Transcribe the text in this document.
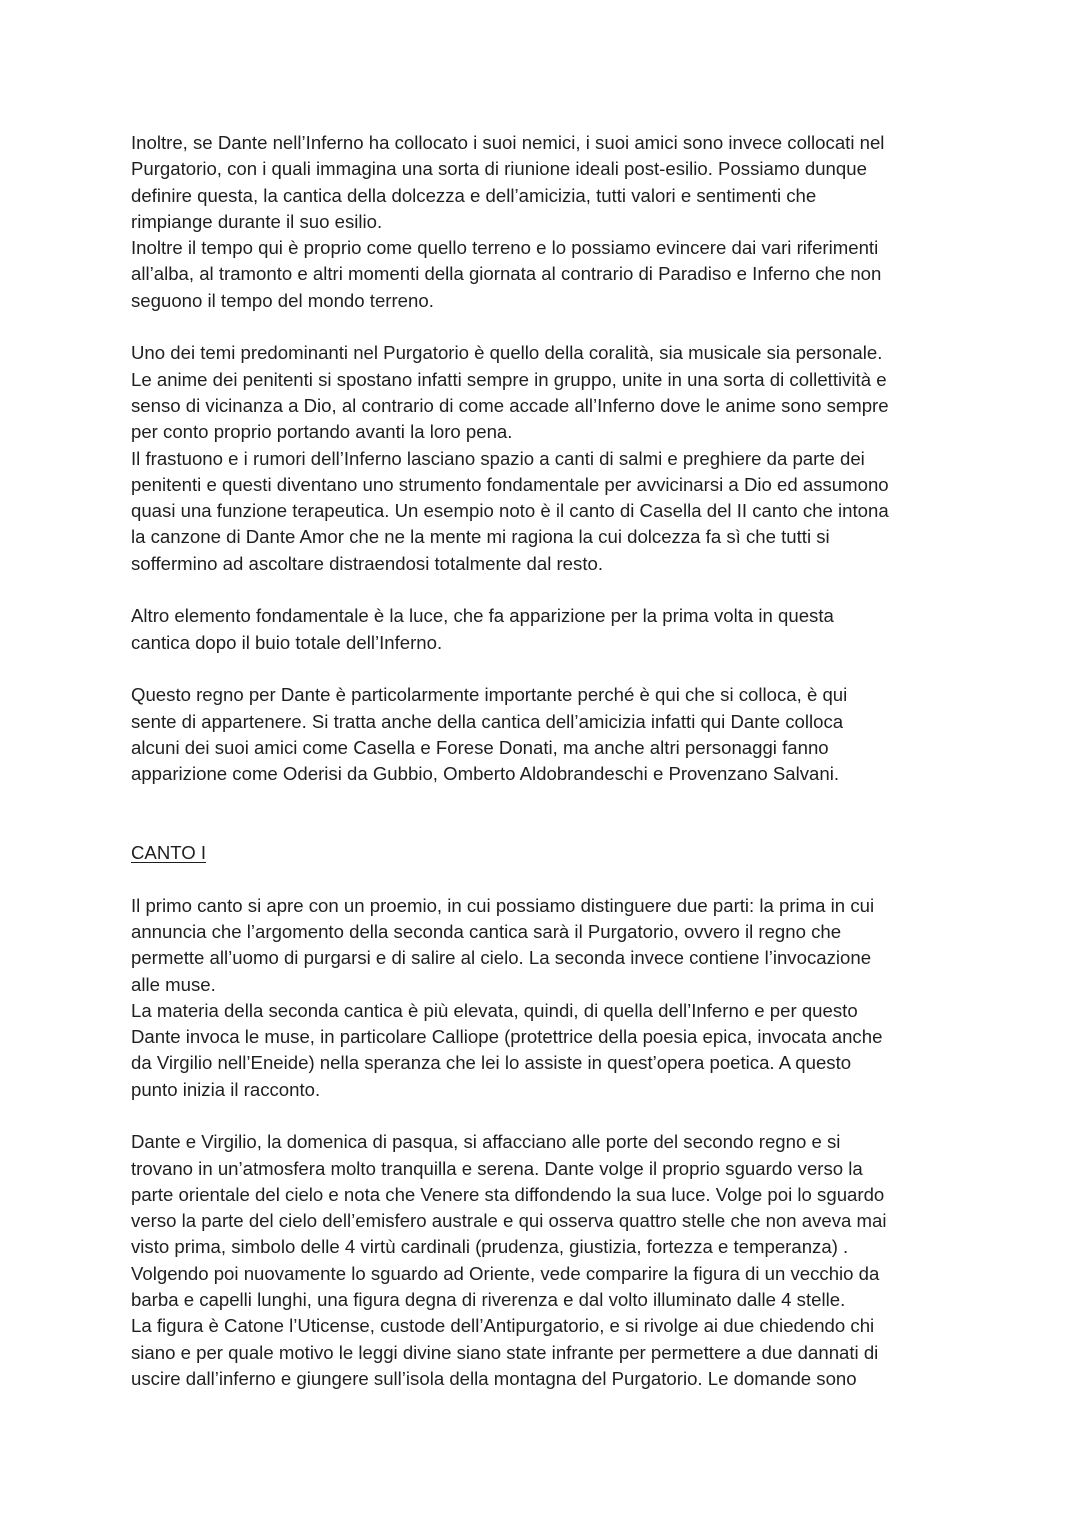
Inoltre, se Dante nell’Inferno ha collocato i suoi nemici, i suoi amici sono invece collocati nel
Purgatorio, con i quali immagina una sorta di riunione ideali post-esilio. Possiamo dunque
definire questa, la cantica della dolcezza e dell’amicizia, tutti valori e sentimenti che
rimpiange durante il suo esilio.
Inoltre il tempo qui è proprio come quello terreno e lo possiamo evincere dai vari riferimenti
all’alba, al tramonto e altri momenti della giornata al contrario di Paradiso e Inferno che non
seguono il tempo del mondo terreno.

Uno dei temi predominanti nel Purgatorio è quello della coralità, sia musicale sia personale.
Le anime dei penitenti si spostano infatti sempre in gruppo, unite in una sorta di collettività e
senso di vicinanza a Dio, al contrario di come accade all’Inferno dove le anime sono sempre
per conto proprio portando avanti la loro pena.
Il frastuono e i rumori dell’Inferno lasciano spazio a canti di salmi e preghiere da parte dei
penitenti e questi diventano uno strumento fondamentale per avvicinarsi a Dio ed assumono
quasi una funzione terapeutica. Un esempio noto è il canto di Casella del II canto che intona
la canzone di Dante Amor che ne la mente mi ragiona la cui dolcezza fa sì che tutti si
soffermino ad ascoltare distraendosi totalmente dal resto.

Altro elemento fondamentale è la luce, che fa apparizione per la prima volta in questa
cantica dopo il buio totale dell’Inferno.

Questo regno per Dante è particolarmente importante perché è qui che si colloca, è qui
sente di appartenere. Si tratta anche della cantica dell’amicizia infatti qui Dante colloca
alcuni dei suoi amici come Casella e Forese Donati, ma anche altri personaggi fanno
apparizione come Oderisi da Gubbio, Omberto Aldobrandeschi e Provenzano Salvani.

CANTO I

Il primo canto si apre con un proemio, in cui possiamo distinguere due parti: la prima in cui
annuncia che l’argomento della seconda cantica sarà il Purgatorio, ovvero il regno che
permette all’uomo di purgarsi e di salire al cielo. La seconda invece contiene l’invocazione
alle muse.
La materia della seconda cantica è più elevata, quindi, di quella dell’Inferno e per questo
Dante invoca le muse, in particolare Calliope (protettrice della poesia epica, invocata anche
da Virgilio nell’Eneide) nella speranza che lei lo assiste in quest’opera poetica. A questo
punto inizia il racconto.

Dante e Virgilio, la domenica di pasqua, si affacciano alle porte del secondo regno e si
trovano in un’atmosfera molto tranquilla e serena. Dante volge il proprio sguardo verso la
parte orientale del cielo e nota che Venere sta diffondendo la sua luce. Volge poi lo sguardo
verso la parte del cielo dell’emisfero australe e qui osserva quattro stelle che non aveva mai
visto prima, simbolo delle 4 virtù cardinali (prudenza, giustizia, fortezza e temperanza) .
Volgendo poi nuovamente lo sguardo ad Oriente, vede comparire la figura di un vecchio da
barba e capelli lunghi, una figura degna di riverenza e dal volto illuminato dalle 4 stelle.
La figura è Catone l’Uticense, custode dell’Antipurgatorio, e si rivolge ai due chiedendo chi
siano e per quale motivo le leggi divine siano state infrante per permettere a due dannati di
uscire dall’inferno e giungere sull’isola della montagna del Purgatorio. Le domande sono
